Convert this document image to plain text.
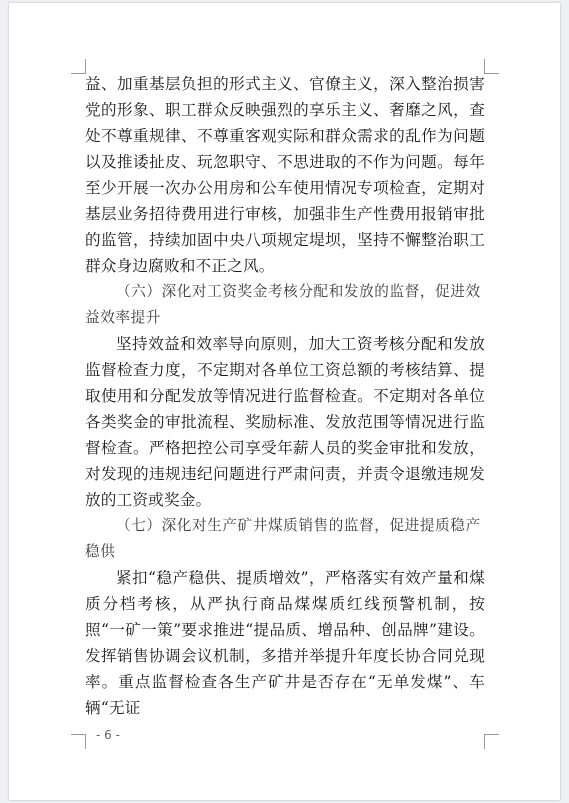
益、加重基层负担的形式主义、官僚主义，深入整治损害党的形象、职工群众反映强烈的享乐主义、奢靡之风，查处不尊重规律、不尊重客观实际和群众需求的乱作为问题以及推诿扯皮、玩忽职守、不思进取的不作为问题。每年至少开展一次办公用房和公车使用情况专项检查，定期对基层业务招待费用进行审核，加强非生产性费用报销审批的监管，持续加固中央八项规定堤坝，坚持不懈整治职工群众身边腐败和不正之风。

（六）深化对工资奖金考核分配和发放的监督，促进效益效率提升

坚持效益和效率导向原则，加大工资考核分配和发放监督检查力度，不定期对各单位工资总额的考核结算、提取使用和分配发放等情况进行监督检查。不定期对各单位各类奖金的审批流程、奖励标准、发放范围等情况进行监督检查。严格把控公司享受年薪人员的奖金审批和发放，对发现的违规违纪问题进行严肃问责，并责令退缴违规发放的工资或奖金。

（七）深化对生产矿井煤质销售的监督，促进提质稳产稳供

紧扣“稳产稳供、提质增效”，严格落实有效产量和煤质分档考核，从严执行商品煤煤质红线预警机制，按照“一矿一策”要求推进“提品质、增品种、创品牌”建设。发挥销售协调会议机制，多措并举提升年度长协合同兑现率。重点监督检查各生产矿井是否存在“无单发煤”、车辆“无证

- 6 -
